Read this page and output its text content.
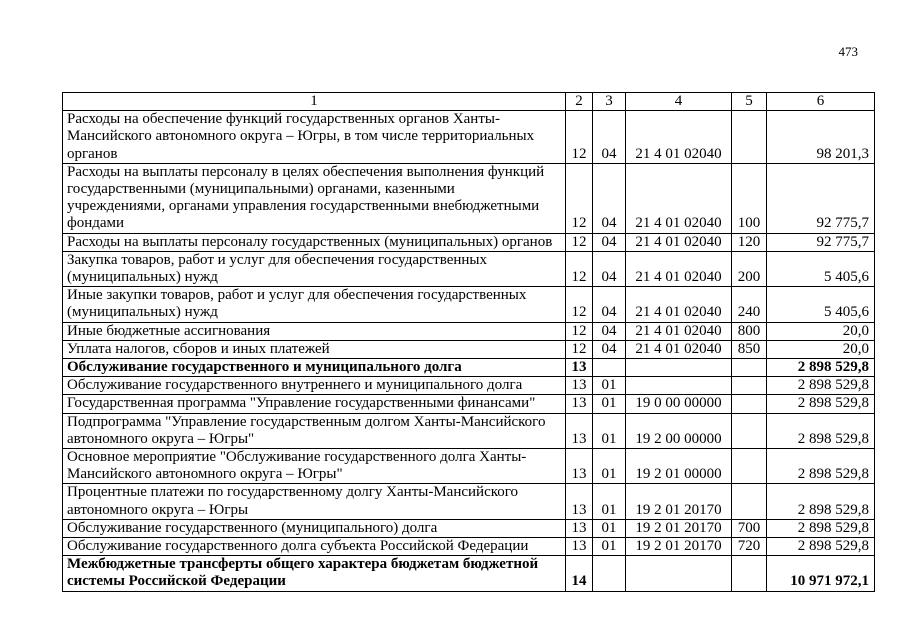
473
1	2	3	4	5	6
Расходы на обеспечение функций государственных органов Ханты-
Мансийского автономного округа – Югры, в том числе территориальных
органов	12	04	21 4 01 02040		98 201,3
Расходы на выплаты персоналу в целях обеспечения выполнения функций
государственными (муниципальными) органами, казенными
учреждениями, органами управления государственными внебюджетными
фондами	12	04	21 4 01 02040	100	92 775,7
Расходы на выплаты персоналу государственных (муниципальных) органов	12	04	21 4 01 02040	120	92 775,7
Закупка товаров, работ и услуг для обеспечения государственных
(муниципальных) нужд	12	04	21 4 01 02040	200	5 405,6
Иные закупки товаров, работ и услуг для обеспечения государственных
(муниципальных) нужд	12	04	21 4 01 02040	240	5 405,6
Иные бюджетные ассигнования	12	04	21 4 01 02040	800	20,0
Уплата налогов, сборов и иных платежей	12	04	21 4 01 02040	850	20,0
Обслуживание государственного и муниципального долга	13				2 898 529,8
Обслуживание государственного внутреннего и муниципального долга	13	01			2 898 529,8
Государственная программа "Управление государственными финансами"	13	01	19 0 00 00000		2 898 529,8
Подпрограмма "Управление государственным долгом Ханты-Мансийского
автономного округа – Югры"	13	01	19 2 00 00000		2 898 529,8
Основное мероприятие "Обслуживание государственного долга Ханты-
Мансийского автономного округа – Югры"	13	01	19 2 01 00000		2 898 529,8
Процентные платежи по государственному долгу Ханты-Мансийского
автономного округа – Югры	13	01	19 2 01 20170		2 898 529,8
Обслуживание государственного (муниципального) долга	13	01	19 2 01 20170	700	2 898 529,8
Обслуживание государственного долга субъекта Российской Федерации	13	01	19 2 01 20170	720	2 898 529,8
Межбюджетные трансферты общего характера бюджетам бюджетной
системы Российской Федерации	14				10 971 972,1
